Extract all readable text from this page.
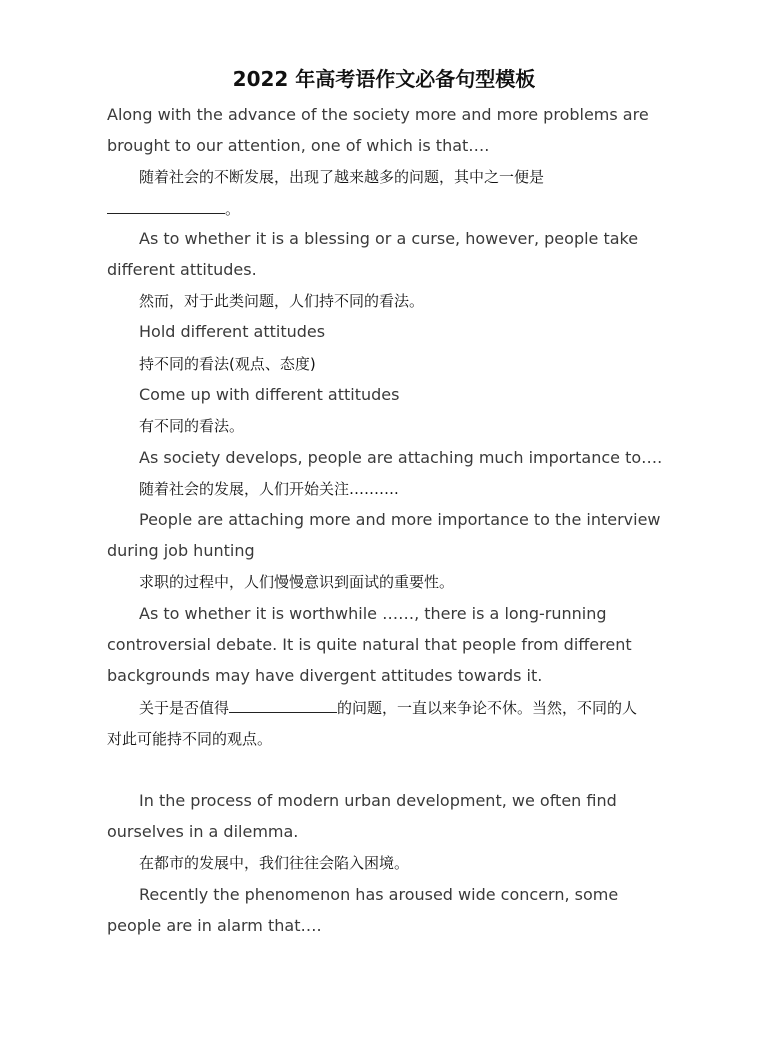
2022 年高考语作文必备句型模板
Along with the advance of the society more and more problems are
brought to our attention, one of which is that….
随着社会的不断发展，出现了越来越多的问题，其中之一便是
。
As to whether it is a blessing or a curse, however, people take
different attitudes.
然而，对于此类问题，人们持不同的看法。
Hold different attitudes
持不同的看法(观点、态度)
Come up with different attitudes
有不同的看法。
As society develops, people are attaching much importance to….
随着社会的发展，人们开始关注……….
People are attaching more and more importance to the interview
during job hunting
求职的过程中，人们慢慢意识到面试的重要性。
As to whether it is worthwhile ……, there is a long-running
controversial debate. It is quite natural that people from different
backgrounds may have divergent attitudes towards it.
关于是否值得	的问题，一直以来争论不休。当然，不同的人
对此可能持不同的观点。
In the process of modern urban development, we often find
ourselves in a dilemma.
在都市的发展中，我们往往会陷入困境。
Recently the phenomenon has aroused wide concern, some
people are in alarm that….
